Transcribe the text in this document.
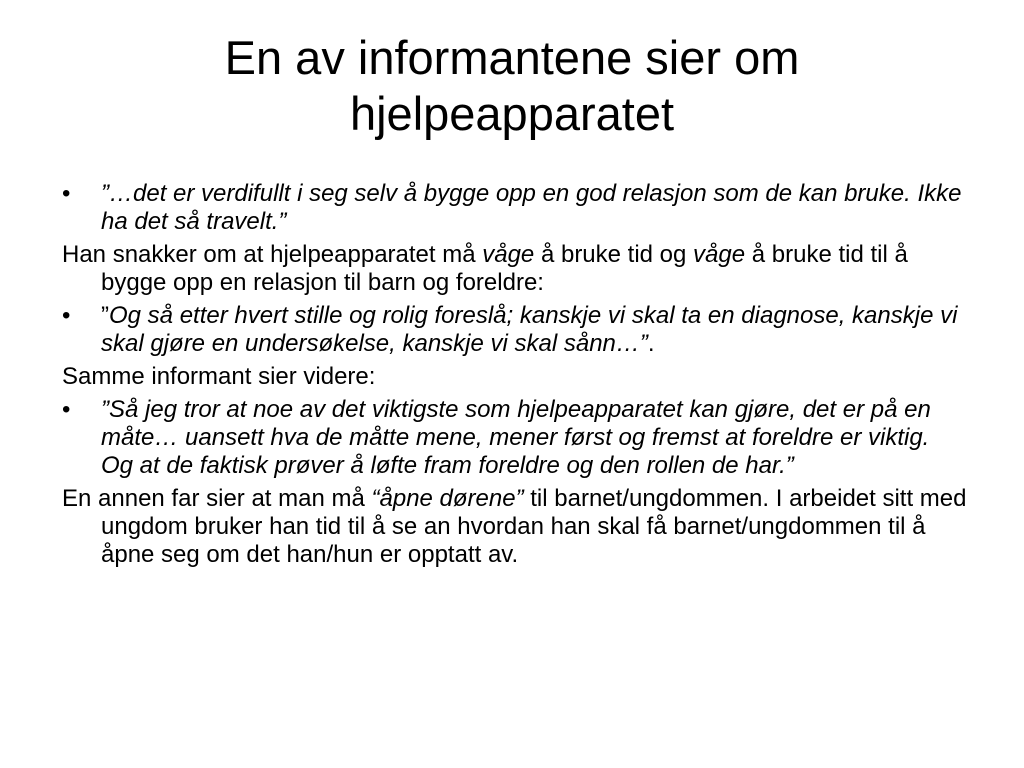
En av informantene sier om hjelpeapparatet
•	”…det er verdifullt i seg selv å bygge opp en god relasjon som de kan bruke. Ikke ha det så travelt.”

Han snakker om at hjelpeapparatet må våge å bruke tid og våge å bruke tid til å bygge opp en relasjon til barn og foreldre:

•	”Og så etter hvert stille og rolig foreslå; kanskje vi skal ta en diagnose, kanskje vi skal gjøre en undersøkelse, kanskje vi skal sånn…”.

Samme informant sier videre:

•	”Så jeg tror at noe av det viktigste som hjelpeapparatet kan gjøre, det er på en måte… uansett hva de måtte mene, mener først og fremst at foreldre er viktig. Og at de faktisk prøver å løfte fram foreldre og den rollen de har.”

En annen far sier at man må “åpne dørene” til barnet/ungdommen. I arbeidet sitt med ungdom bruker han tid til å se an hvordan han skal få barnet/ungdommen til å åpne seg om det han/hun er opptatt av.
